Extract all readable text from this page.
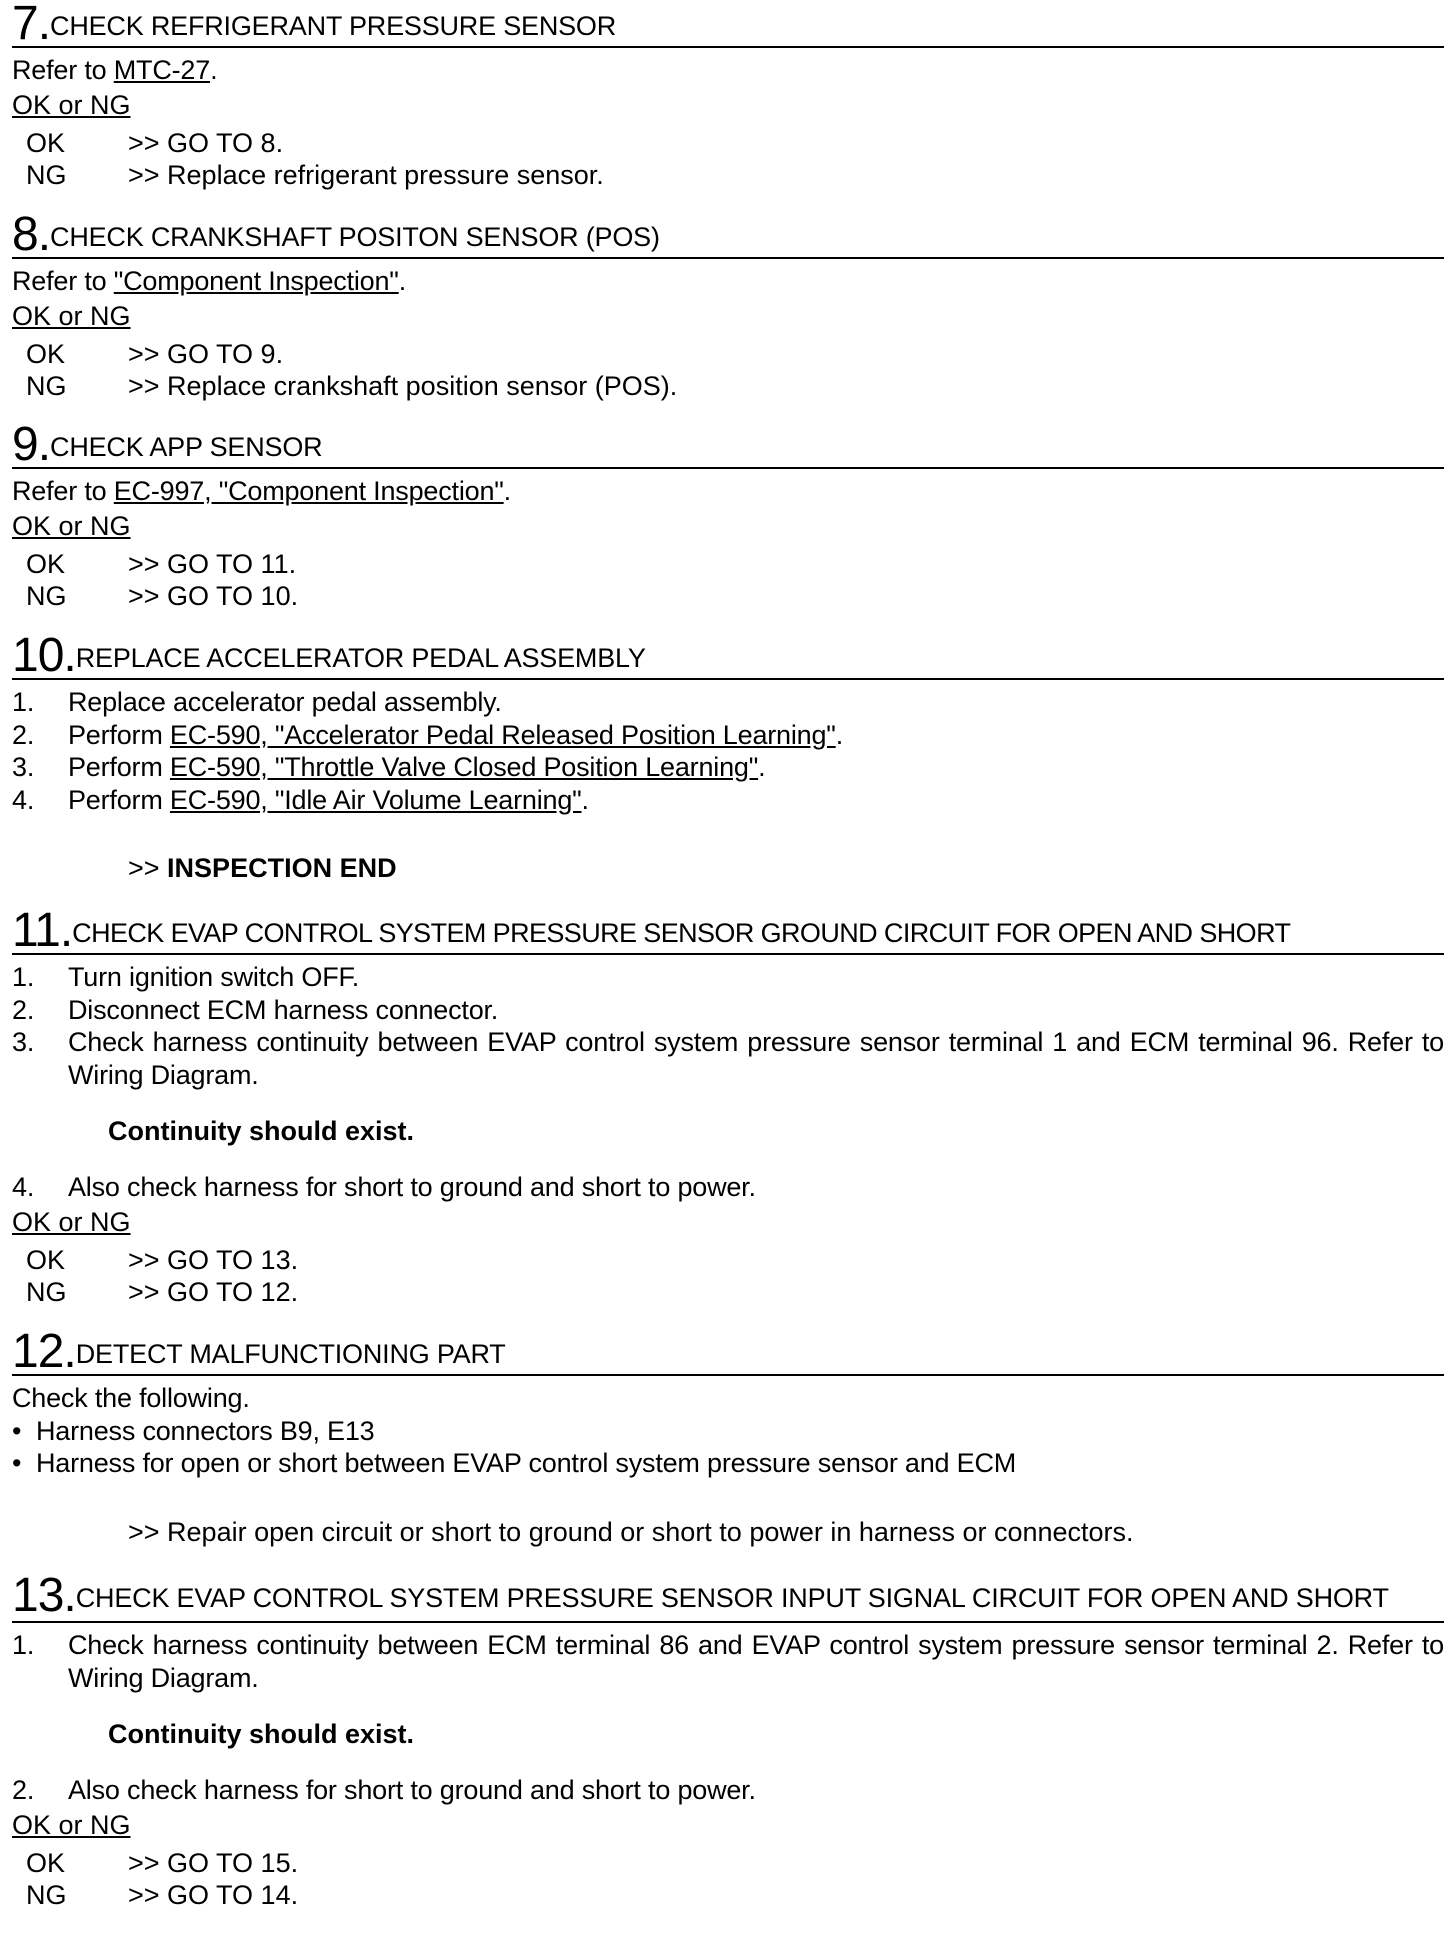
7.CHECK REFRIGERANT PRESSURE SENSOR
Refer to MTC-27.
OK or NG
OK >> GO TO 8.
NG >> Replace refrigerant pressure sensor.
8.CHECK CRANKSHAFT POSITON SENSOR (POS)
Refer to "Component Inspection".
OK or NG
OK >> GO TO 9.
NG >> Replace crankshaft position sensor (POS).
9.CHECK APP SENSOR
Refer to EC-997, "Component Inspection".
OK or NG
OK >> GO TO 11.
NG >> GO TO 10.
10.REPLACE ACCELERATOR PEDAL ASSEMBLY
1. Replace accelerator pedal assembly.
2. Perform EC-590, "Accelerator Pedal Released Position Learning".
3. Perform EC-590, "Throttle Valve Closed Position Learning".
4. Perform EC-590, "Idle Air Volume Learning".
>> INSPECTION END
11.CHECK EVAP CONTROL SYSTEM PRESSURE SENSOR GROUND CIRCUIT FOR OPEN AND SHORT
1. Turn ignition switch OFF.
2. Disconnect ECM harness connector.
3. Check harness continuity between EVAP control system pressure sensor terminal 1 and ECM terminal 96. Refer to Wiring Diagram.
Continuity should exist.
4. Also check harness for short to ground and short to power.
OK or NG
OK >> GO TO 13.
NG >> GO TO 12.
12.DETECT MALFUNCTIONING PART
Check the following.
• Harness connectors B9, E13
• Harness for open or short between EVAP control system pressure sensor and ECM
>> Repair open circuit or short to ground or short to power in harness or connectors.
13.CHECK EVAP CONTROL SYSTEM PRESSURE SENSOR INPUT SIGNAL CIRCUIT FOR OPEN AND SHORT
1. Check harness continuity between ECM terminal 86 and EVAP control system pressure sensor terminal 2. Refer to Wiring Diagram.
Continuity should exist.
2. Also check harness for short to ground and short to power.
OK or NG
OK >> GO TO 15.
NG >> GO TO 14.
